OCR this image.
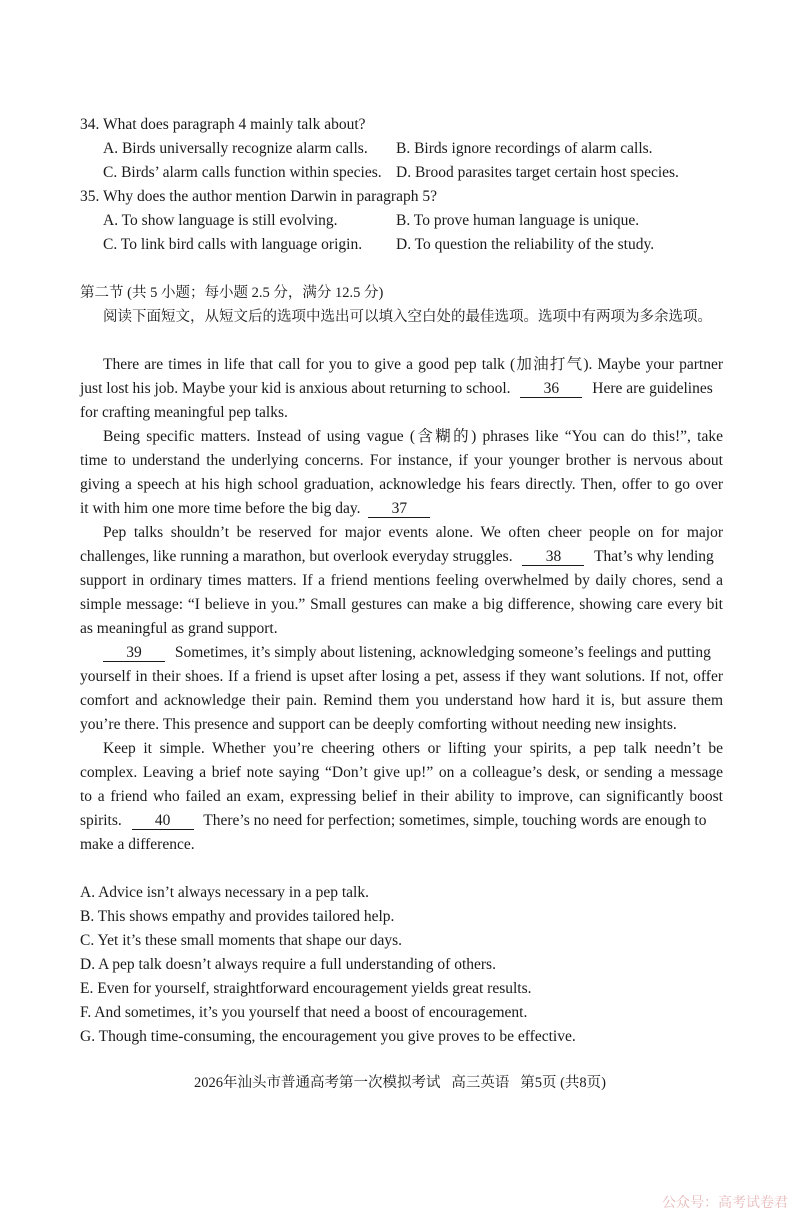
34. What does paragraph 4 mainly talk about?
A. Birds universally recognize alarm calls. B. Birds ignore recordings of alarm calls.
C. Birds’ alarm calls function within species. D. Brood parasites target certain host species.
35. Why does the author mention Darwin in paragraph 5?
A. To show language is still evolving.	B. To prove human language is unique.
C. To link bird calls with language origin. D. To question the reliability of the study.
第二节 (共 5 小题；每小题 2.5 分，满分 12.5 分)
阅读下面短文，从短文后的选项中选出可以填入空白处的最佳选项。选项中有两项为多余选项。
There are times in life that call for you to give a good pep talk (加油打气). Maybe your partner
just lost his job. Maybe your kid is anxious about returning to school. 36 Here are guidelines
for crafting meaningful pep talks.
Being specific matters. Instead of using vague (含糊的) phrases like “You can do this!”, take
time to understand the underlying concerns. For instance, if your younger brother is nervous about
giving a speech at his high school graduation, acknowledge his fears directly. Then, offer to go over
it with him one more time before the big day. 37
Pep talks shouldn’t be reserved for major events alone. We often cheer people on for major
challenges, like running a marathon, but overlook everyday struggles. 38 That’s why lending
support in ordinary times matters. If a friend mentions feeling overwhelmed by daily chores, send a
simple message: “I believe in you.” Small gestures can make a big difference, showing care every bit
as meaningful as grand support.
39 Sometimes, it’s simply about listening, acknowledging someone’s feelings and putting
yourself in their shoes. If a friend is upset after losing a pet, assess if they want solutions. If not, offer
comfort and acknowledge their pain. Remind them you understand how hard it is, but assure them
you’re there. This presence and support can be deeply comforting without needing new insights.
Keep it simple. Whether you’re cheering others or lifting your spirits, a pep talk needn’t be
complex. Leaving a brief note saying “Don’t give up!” on a colleague’s desk, or sending a message
to a friend who failed an exam, expressing belief in their ability to improve, can significantly boost
spirits. 40 There’s no need for perfection; sometimes, simple, touching words are enough to
make a difference.
A. Advice isn’t always necessary in a pep talk.
B. This shows empathy and provides tailored help.
C. Yet it’s these small moments that shape our days.
D. A pep talk doesn’t always require a full understanding of others.
E. Even for yourself, straightforward encouragement yields great results.
F. And sometimes, it’s you yourself that need a boost of encouragement.
G. Though time-consuming, the encouragement you give proves to be effective.
2026年汕头市普通高考第一次模拟考试   高三英语   第5页 (共8页)
公众号：高考试卷君
